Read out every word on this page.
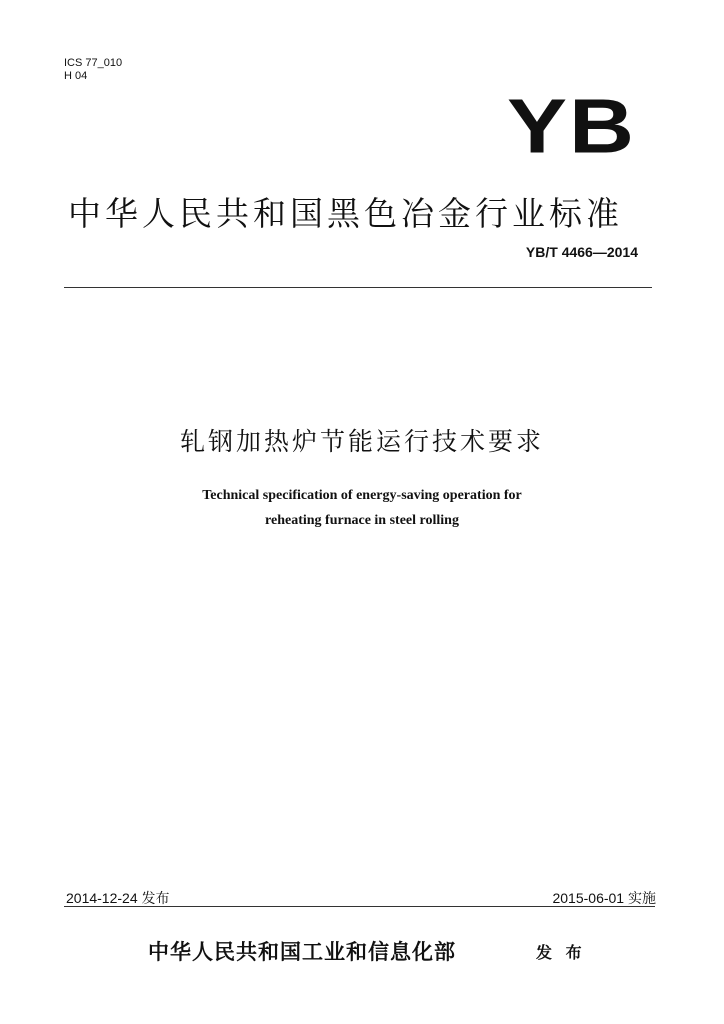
ICS 77_010
H 04
YB
中华人民共和国黑色冶金行业标准
YB/T 4466—2014
轧钢加热炉节能运行技术要求
Technical specification of energy-saving operation for
reheating furnace in steel rolling
2014-12-24 发布	2015-06-01 实施
中华人民共和国工业和信息化部	发 布
